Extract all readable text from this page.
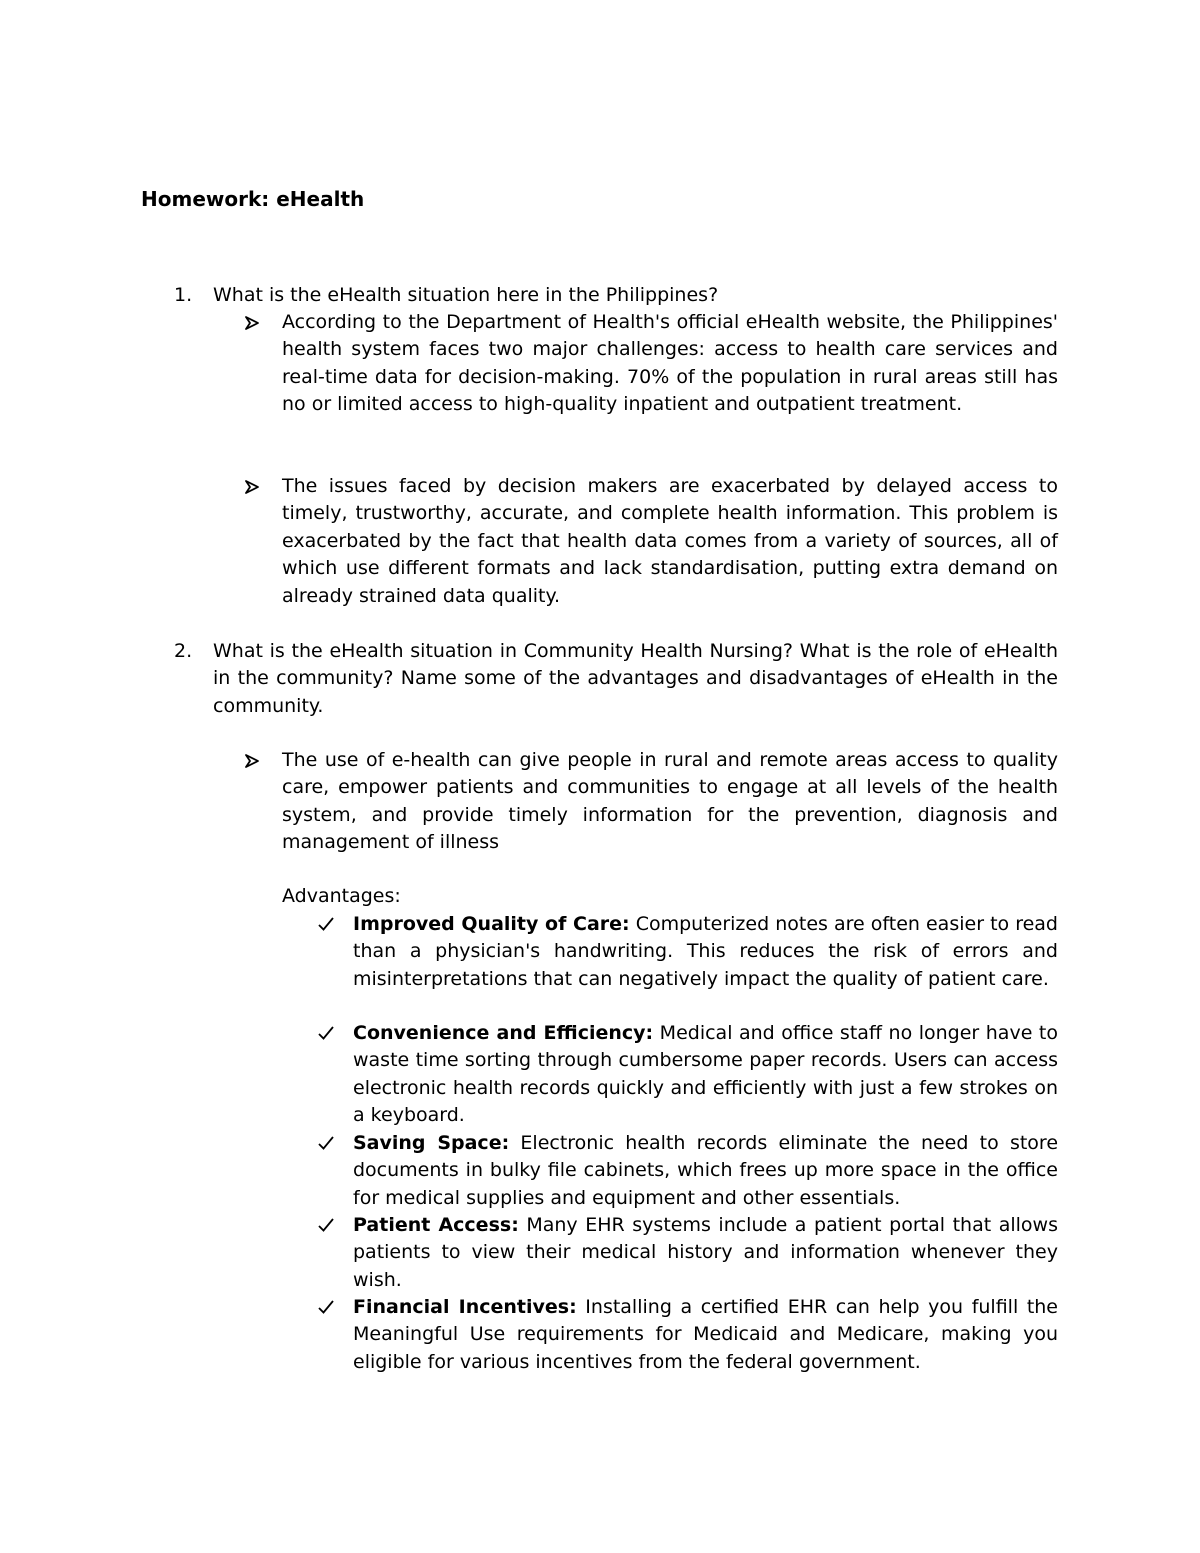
Homework: eHealth
1. What is the eHealth situation here in the Philippines?
According to the Department of Health's official eHealth website, the Philippines' health system faces two major challenges: access to health care services and real-time data for decision-making. 70% of the population in rural areas still has no or limited access to high-quality inpatient and outpatient treatment.
The issues faced by decision makers are exacerbated by delayed access to timely, trustworthy, accurate, and complete health information. This problem is exacerbated by the fact that health data comes from a variety of sources, all of which use different formats and lack standardisation, putting extra demand on already strained data quality.
2. What is the eHealth situation in Community Health Nursing? What is the role of eHealth in the community? Name some of the advantages and disadvantages of eHealth in the community.
The use of e-health can give people in rural and remote areas access to quality care, empower patients and communities to engage at all levels of the health system, and provide timely information for the prevention, diagnosis and management of illness
Advantages:
Improved Quality of Care: Computerized notes are often easier to read than a physician's handwriting. This reduces the risk of errors and misinterpretations that can negatively impact the quality of patient care.
Convenience and Efficiency: Medical and office staff no longer have to waste time sorting through cumbersome paper records. Users can access electronic health records quickly and efficiently with just a few strokes on a keyboard.
Saving Space: Electronic health records eliminate the need to store documents in bulky file cabinets, which frees up more space in the office for medical supplies and equipment and other essentials.
Patient Access: Many EHR systems include a patient portal that allows patients to view their medical history and information whenever they wish.
Financial Incentives: Installing a certified EHR can help you fulfill the Meaningful Use requirements for Medicaid and Medicare, making you eligible for various incentives from the federal government.
